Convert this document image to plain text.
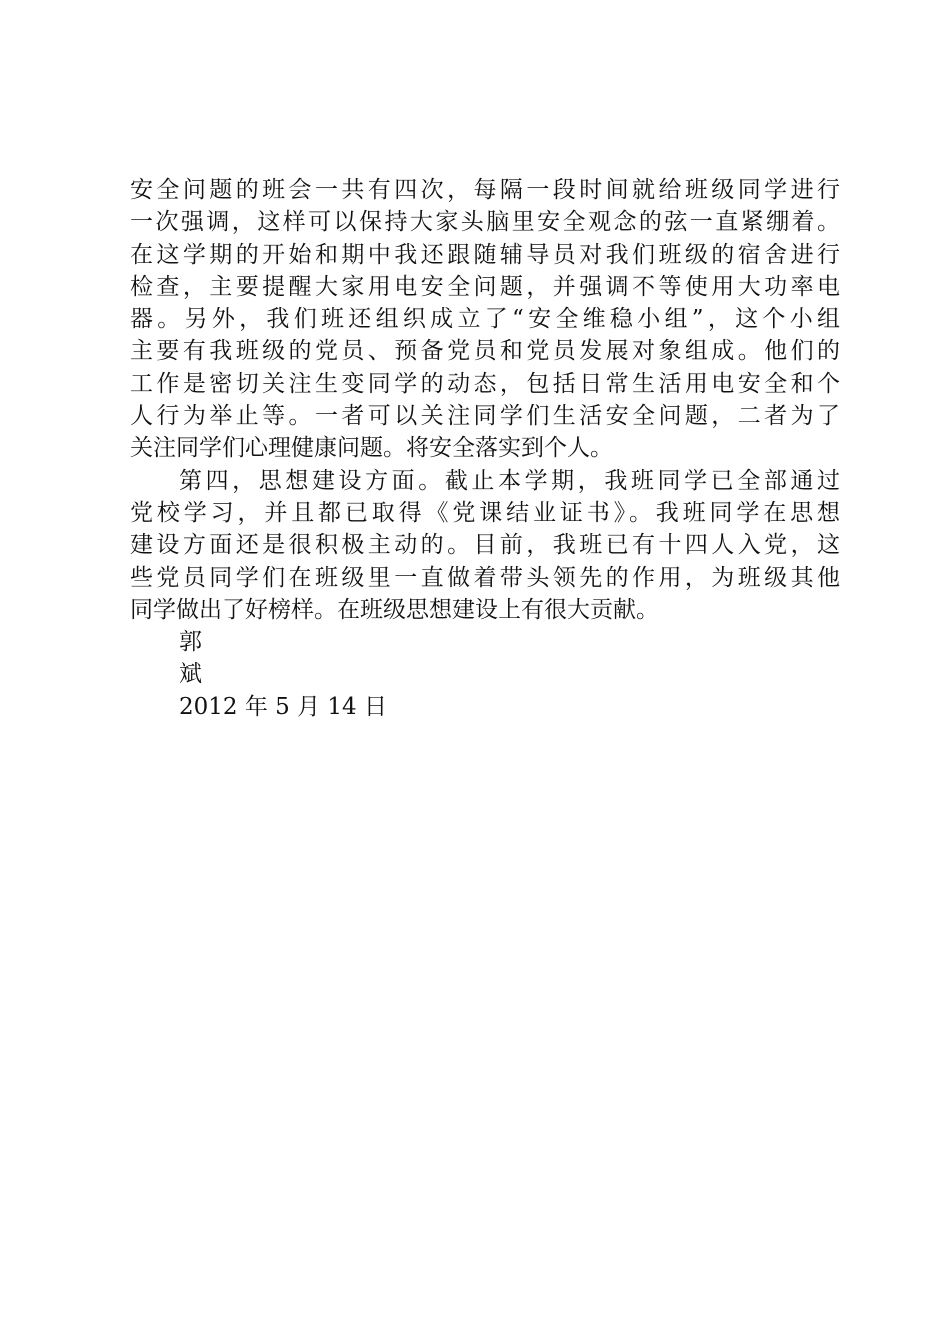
安全问题的班会一共有四次，每隔一段时间就给班级同学进行
一次强调，这样可以保持大家头脑里安全观念的弦一直紧绷着。
在这学期的开始和期中我还跟随辅导员对我们班级的宿舍进行
检查，主要提醒大家用电安全问题，并强调不等使用大功率电
器。另外，我们班还组织成立了“安全维稳小组”，这个小组
主要有我班级的党员、预备党员和党员发展对象组成。他们的
工作是密切关注生变同学的动态，包括日常生活用电安全和个
人行为举止等。一者可以关注同学们生活安全问题，二者为了
关注同学们心理健康问题。将安全落实到个人。
第四，思想建设方面。截止本学期，我班同学已全部通过
党校学习，并且都已取得《党课结业证书》。我班同学在思想
建设方面还是很积极主动的。目前，我班已有十四人入党，这
些党员同学们在班级里一直做着带头领先的作用，为班级其他
同学做出了好榜样。在班级思想建设上有很大贡献。
郭
斌
2012 年 5 月 14 日
